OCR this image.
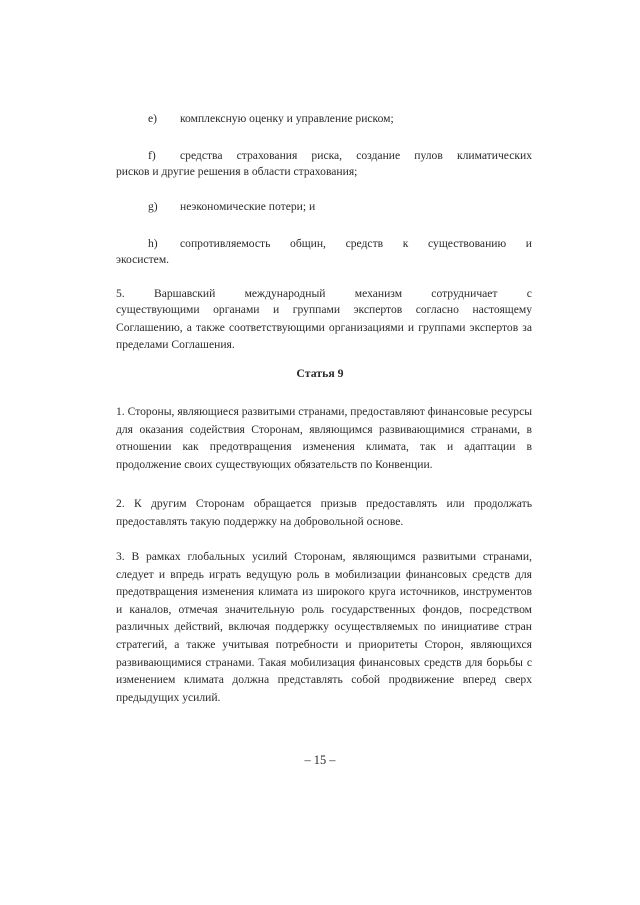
e) комплексную оценку и управление риском;
f) средства страхования риска, создание пулов климатических
рисков и другие решения в области страхования;
g) неэкономические потери; и
h) сопротивляемость общин, средств к существованию и
экосистем.
5.	Варшавский	международный	механизм	сотрудничает	с
существующими органами и группами экспертов согласно настоящему Соглашению, а также соответствующими организациями и группами экспертов за пределами Соглашения.
Статья 9
1. Стороны, являющиеся развитыми странами, предоставляют финансовые ресурсы для оказания содействия Сторонам, являющимся развивающимися странами, в отношении как предотвращения изменения климата, так и адаптации в продолжение своих существующих обязательств по Конвенции.
2. К другим Сторонам обращается призыв предоставлять или продолжать предоставлять такую поддержку на добровольной основе.
3. В рамках глобальных усилий Сторонам, являющимся развитыми странами, следует и впредь играть ведущую роль в мобилизации финансовых средств для предотвращения изменения климата из широкого круга источников, инструментов и каналов, отмечая значительную роль государственных фондов, посредством различных действий, включая поддержку осуществляемых по инициативе стран стратегий, а также учитывая потребности и приоритеты Сторон, являющихся развивающимися странами. Такая мобилизация финансовых средств для борьбы с изменением климата должна представлять собой продвижение вперед сверх предыдущих усилий.
– 15 –
